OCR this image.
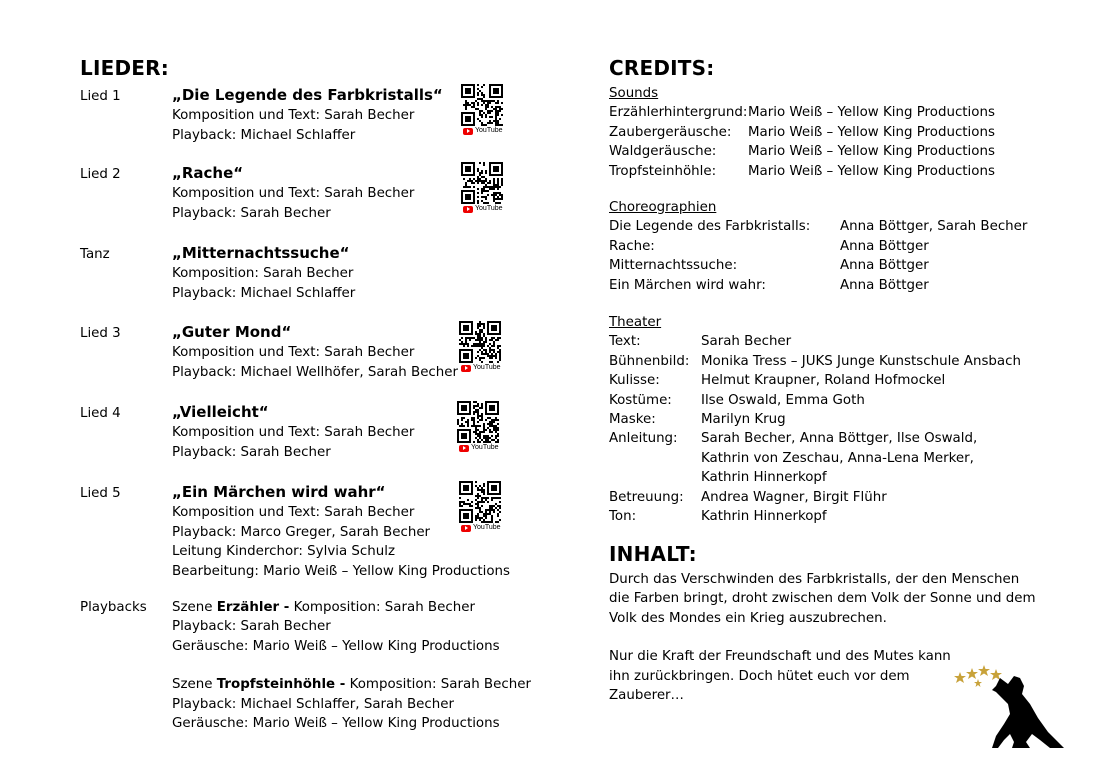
LIEDER:
Lied 1	„Die Legende des Farbkristalls“
Komposition und Text: Sarah Becher
Playback: Michael Schlaffer	YouTube
Lied 2	„Rache“
Komposition und Text: Sarah Becher
Playback: Sarah Becher	YouTube
Tanz	„Mitternachtssuche“
Komposition: Sarah Becher
Playback: Michael Schlaffer
Lied 3	„Guter Mond“
Komposition und Text: Sarah Becher
Playback: Michael Wellhöfer, Sarah Becher YouTube
Lied 4	„Vielleicht“
Komposition und Text: Sarah Becher
Playback: Sarah Becher	YouTube
Lied 5	„Ein Märchen wird wahr“
Komposition und Text: Sarah Becher
Playback: Marco Greger, Sarah Becher
Leitung Kinderchor: Sylvia Schulz
Bearbeitung: Mario Weiß – Yellow King Productions
YouTube
Playbacks Szene Erzähler - Komposition: Sarah Becher
Playback: Sarah Becher
Geräusche: Mario Weiß – Yellow King Productions
Szene Tropfsteinhöhle - Komposition: Sarah Becher
Playback: Michael Schlaffer, Sarah Becher
Geräusche: Mario Weiß – Yellow King Productions
CREDITS:
Sounds
Erzählerhintergrund: Mario Weiß – Yellow King Productions
Zaubergeräusche:	Mario Weiß – Yellow King Productions
Waldgeräusche:	Mario Weiß – Yellow King Productions
Tropfsteinhöhle:	Mario Weiß – Yellow King Productions
Choreographien
Die Legende des Farbkristalls:	Anna Böttger, Sarah Becher
Rache:	Anna Böttger
Mitternachtssuche:	Anna Böttger
Ein Märchen wird wahr:	Anna Böttger
Theater
Text:	Sarah Becher
Bühnenbild: Monika Tress – JUKS Junge Kunstschule Ansbach
Kulisse:	Helmut Kraupner, Roland Hofmockel
Kostüme:	Ilse Oswald, Emma Goth
Maske:	Marilyn Krug
Anleitung:	Sarah Becher, Anna Böttger, Ilse Oswald,
Kathrin von Zeschau, Anna-Lena Merker,
Kathrin Hinnerkopf
Betreuung:	Andrea Wagner, Birgit Flühr
Ton:	Kathrin Hinnerkopf
INHALT:

Durch das Verschwinden des Farbkristalls, der den Menschen die Farben bringt, droht zwischen dem Volk der Sonne und dem Volk des Mondes ein Krieg auszubrechen.

Nur die Kraft der Freundschaft und des Mutes kann ihn zurückbringen. Doch hütet euch vor dem Zauberer…
